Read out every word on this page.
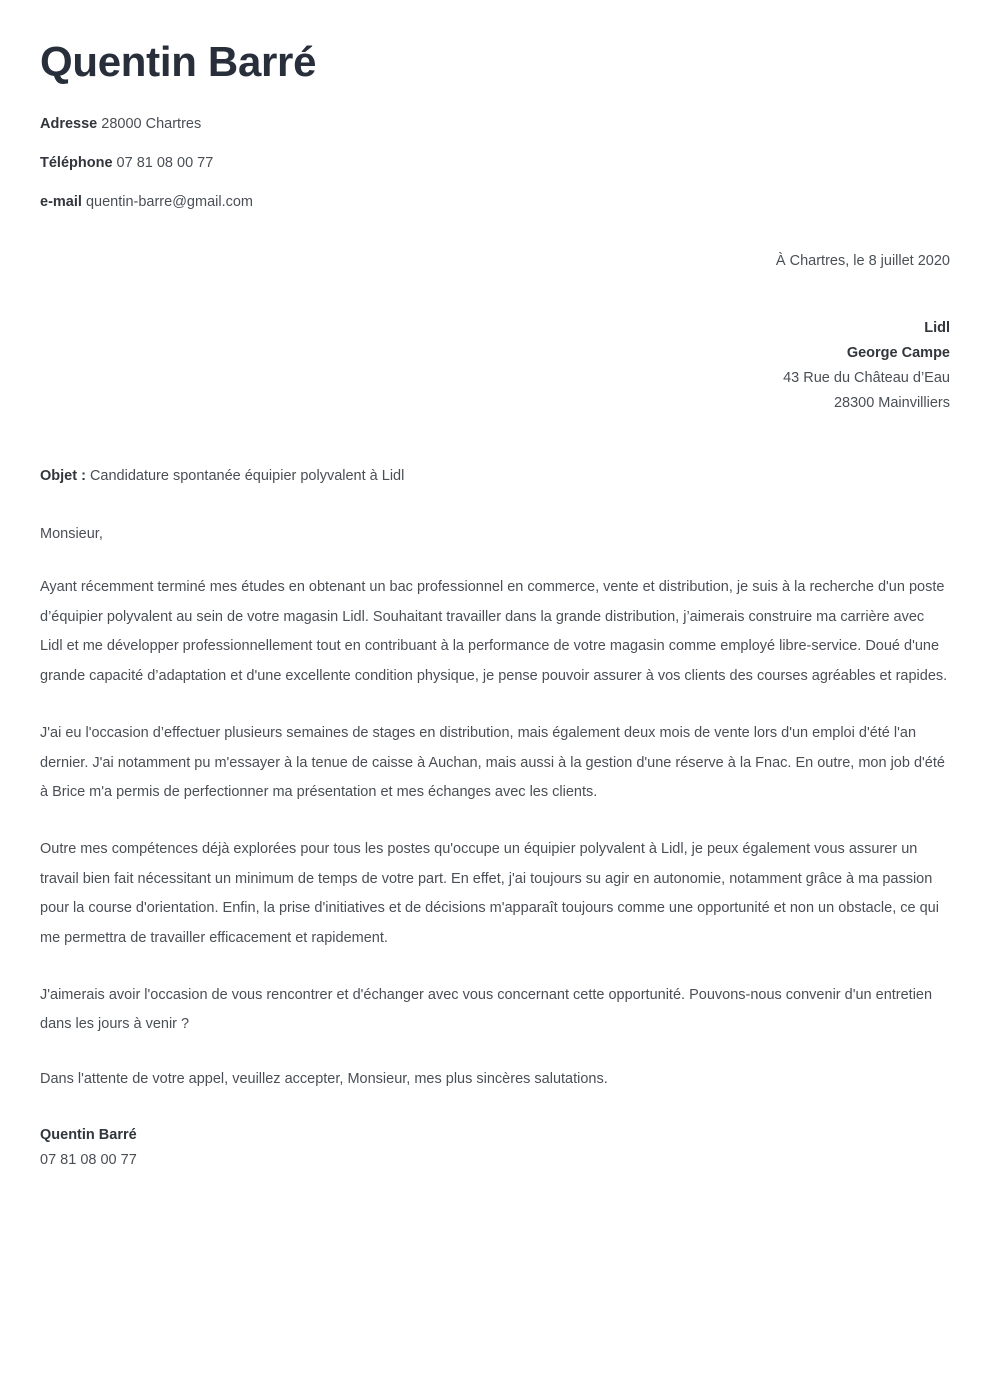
Quentin Barré
Adresse 28000 Chartres
Téléphone 07 81 08 00 77
e-mail quentin-barre@gmail.com
À Chartres, le 8 juillet 2020
Lidl
George Campe
43 Rue du Château d’Eau
28300 Mainvilliers
Objet : Candidature spontanée équipier polyvalent à Lidl
Monsieur,

Ayant récemment terminé mes études en obtenant un bac professionnel en commerce, vente et distribution, je suis à la recherche d'un poste d’équipier polyvalent au sein de votre magasin Lidl. Souhaitant travailler dans la grande distribution, j’aimerais construire ma carrière avec Lidl et me développer professionnellement tout en contribuant à la performance de votre magasin comme employé libre-service. Doué d'une grande capacité d’adaptation et d'une excellente condition physique, je pense pouvoir assurer à vos clients des courses agréables et rapides.

J'ai eu l'occasion d’effectuer plusieurs semaines de stages en distribution, mais également deux mois de vente lors d'un emploi d'été l'an dernier. J'ai notamment pu m'essayer à la tenue de caisse à Auchan, mais aussi à la gestion d'une réserve à la Fnac. En outre, mon job d'été à Brice m'a permis de perfectionner ma présentation et mes échanges avec les clients.

Outre mes compétences déjà explorées pour tous les postes qu'occupe un équipier polyvalent à Lidl, je peux également vous assurer un travail bien fait nécessitant un minimum de temps de votre part. En effet, j'ai toujours su agir en autonomie, notamment grâce à ma passion pour la course d'orientation. Enfin, la prise d'initiatives et de décisions m'apparaît toujours comme une opportunité et non un obstacle, ce qui me permettra de travailler efficacement et rapidement.

J'aimerais avoir l'occasion de vous rencontrer et d'échanger avec vous concernant cette opportunité. Pouvons-nous convenir d'un entretien dans les jours à venir ?

Dans l'attente de votre appel, veuillez accepter, Monsieur, mes plus sincères salutations.
Quentin Barré
07 81 08 00 77
